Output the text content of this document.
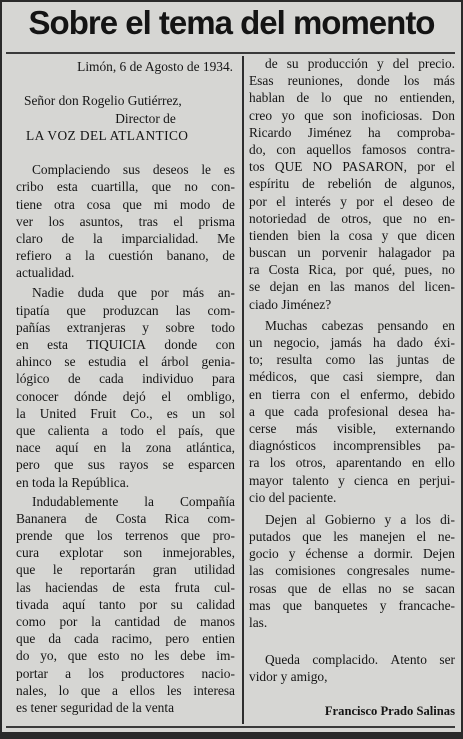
Sobre el tema del momento
Limón, 6 de Agosto de 1934.
Señor don Rogelio Gutiérrez,
Director de
LA VOZ DEL ATLANTICO
Complaciendo sus deseos le es
cribo esta cuartilla, que no con-
tiene otra cosa que mi modo de
ver los asuntos, tras el prisma
claro de la imparcialidad. Me
refiero a la cuestión banano, de
actualidad.
Nadie duda que por más an-
tipatía que produzcan las com-
pañías extranjeras y sobre todo
en esta TIQUICIA donde con
ahinco se estudia el árbol genia-
lógico de cada individuo para
conocer dónde dejó el ombligo,
la United Fruit Co., es un sol
que calienta a todo el país, que
nace aquí en la zona atlántica,
pero que sus rayos se esparcen
en toda la República.
Indudablemente la Compañía
Bananera de Costa Rica com-
prende que los terrenos que pro-
cura explotar son inmejorables,
que le reportarán gran utilidad
las haciendas de esta fruta cul-
tivada aquí tanto por su calidad
como por la cantidad de manos
que da cada racimo, pero entien
do yo, que esto no les debe im-
portar a los productores nacio-
nales, lo que a ellos les interesa
es tener seguridad de la venta
de su producción y del precio.
Esas reuniones, donde los más
hablan de lo que no entienden,
creo yo que son inoficiosas. Don
Ricardo Jiménez ha comproba-
do, con aquellos famosos contra-
tos QUE NO PASARON, por el
espíritu de rebelión de algunos,
por el interés y por el deseo de
notoriedad de otros, que no en-
tienden bien la cosa y que dicen
buscan un porvenir halagador pa
ra Costa Rica, por qué, pues, no
se dejan en las manos del licen-
ciado Jiménez?
Muchas cabezas pensando en
un negocio, jamás ha dado éxi-
to; resulta como las juntas de
médicos, que casi siempre, dan
en tierra con el enfermo, debido
a que cada profesional desea ha-
cerse más visible, externando
diagnósticos incomprensibles pa-
ra los otros, aparentando en ello
mayor talento y cienca en perjui-
cio del paciente.
Dejen al Gobierno y a los di-
putados que les manejen el ne-
gocio y échense a dormir. Dejen
las comisiones congresales nume-
rosas que de ellas no se sacan
mas que banquetes y francache-
las.
Queda complacido. Atento ser
vidor y amigo,
Francisco Prado Salinas
